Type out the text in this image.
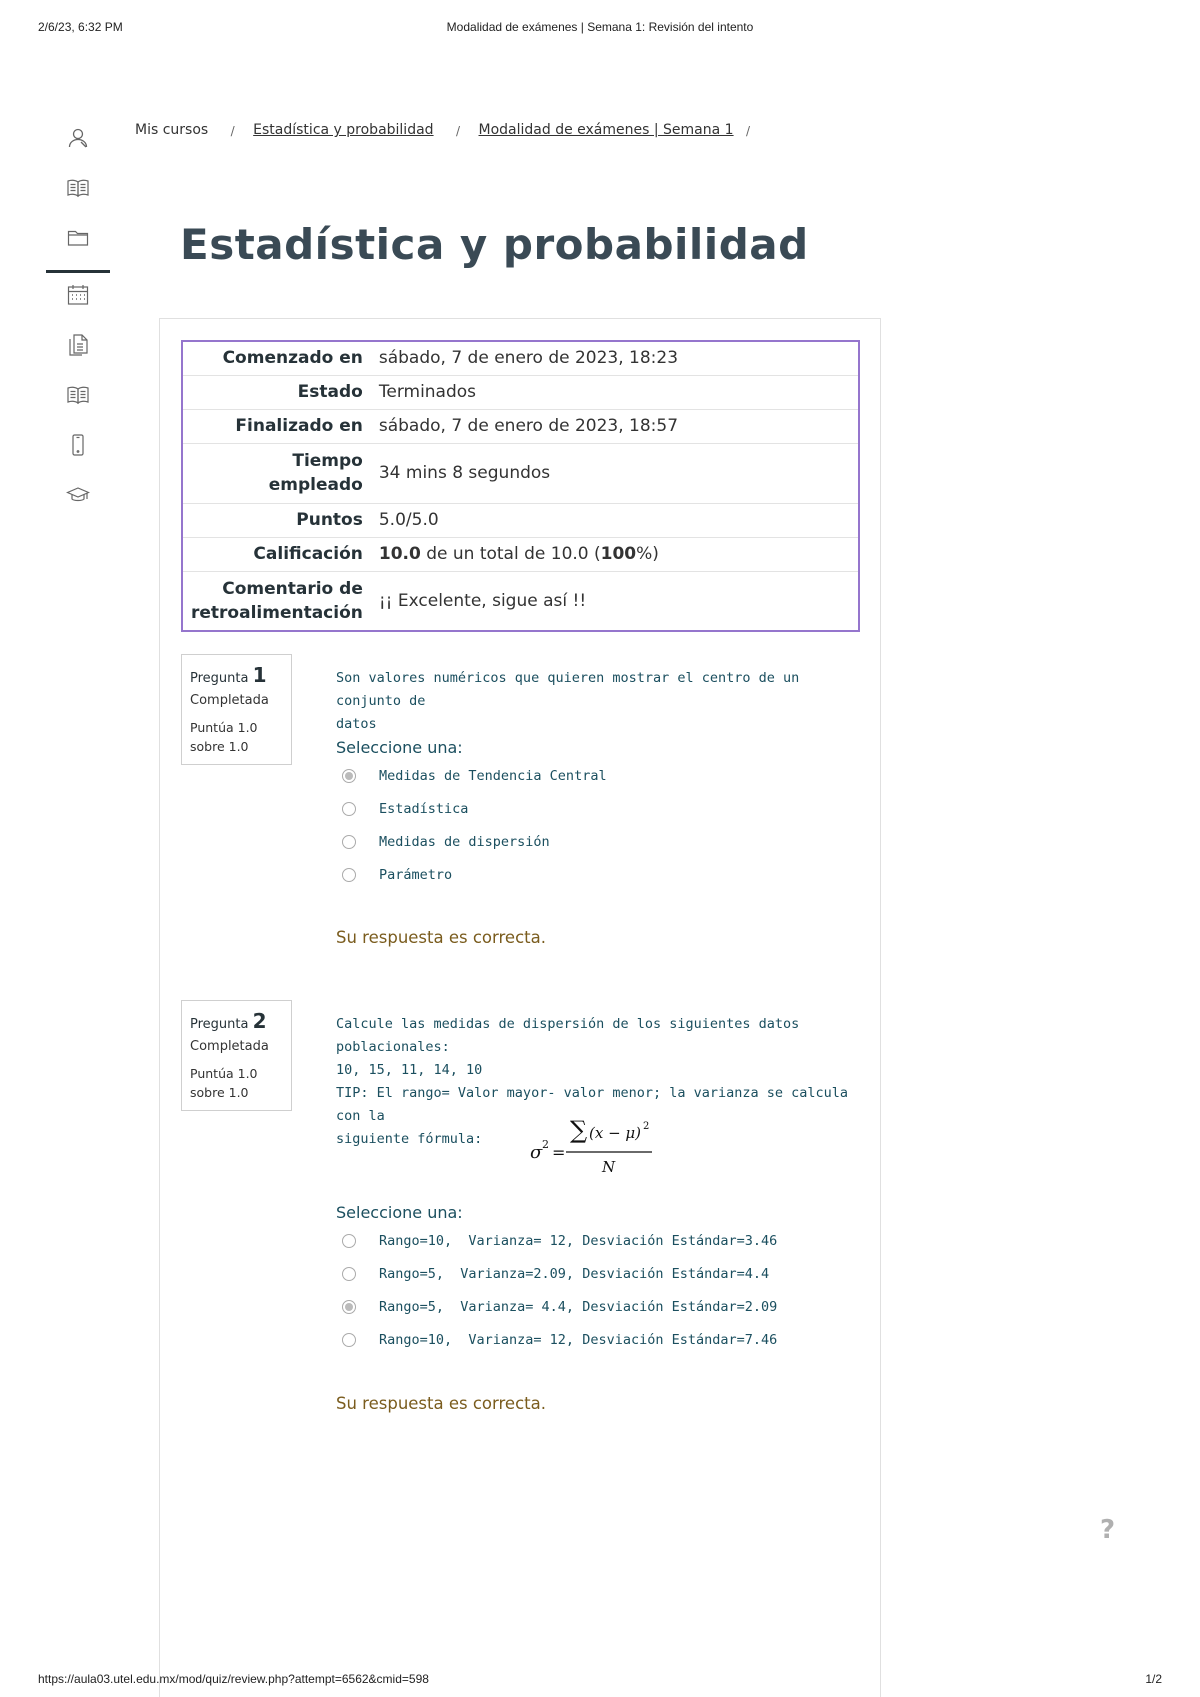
2/6/23, 6:32 PM	Modalidad de exámenes | Semana 1: Revisión del intento
Mis cursos / Estadística y probabilidad / Modalidad de exámenes | Semana 1 /
Estadística y probabilidad
Comenzado en	sábado, 7 de enero de 2023, 18:23
Estado	Terminados
Finalizado en	sábado, 7 de enero de 2023, 18:57

Tiempo
empleado	34 mins 8 segundos
Puntos	5.0/5.0
Calificación	10.0 de un total de 10.0 (100%)

Comentario de
retroalimentación	¡¡ Excelente, sigue así !!
Pregunta 1
Completada
Puntúa 1.0
sobre 1.0
Son valores numéricos que quieren mostrar el centro de un conjunto de
datos
Seleccione una:
Medidas de Tendencia Central
Estadística
Medidas de dispersión
Parámetro
Su respuesta es correcta.
Pregunta 2
Completada
Puntúa 1.0
sobre 1.0
Calcule las medidas de dispersión de los siguientes datos poblacionales:
10, 15, 11, 14, 10
TIP: El rango= Valor mayor- valor menor; la varianza se calcula con la
siguiente fórmula:
σ 2 =
∑ (x − μ) 2
N
Seleccione una:
Rango=10,  Varianza= 12, Desviación Estándar=3.46
Rango=5,  Varianza=2.09, Desviación Estándar=4.4
Rango=5,  Varianza= 4.4, Desviación Estándar=2.09
Rango=10,  Varianza= 12, Desviación Estándar=7.46
Su respuesta es correcta.
?
https://aula03.utel.edu.mx/mod/quiz/review.php?attempt=6562&cmid=598	1/2
